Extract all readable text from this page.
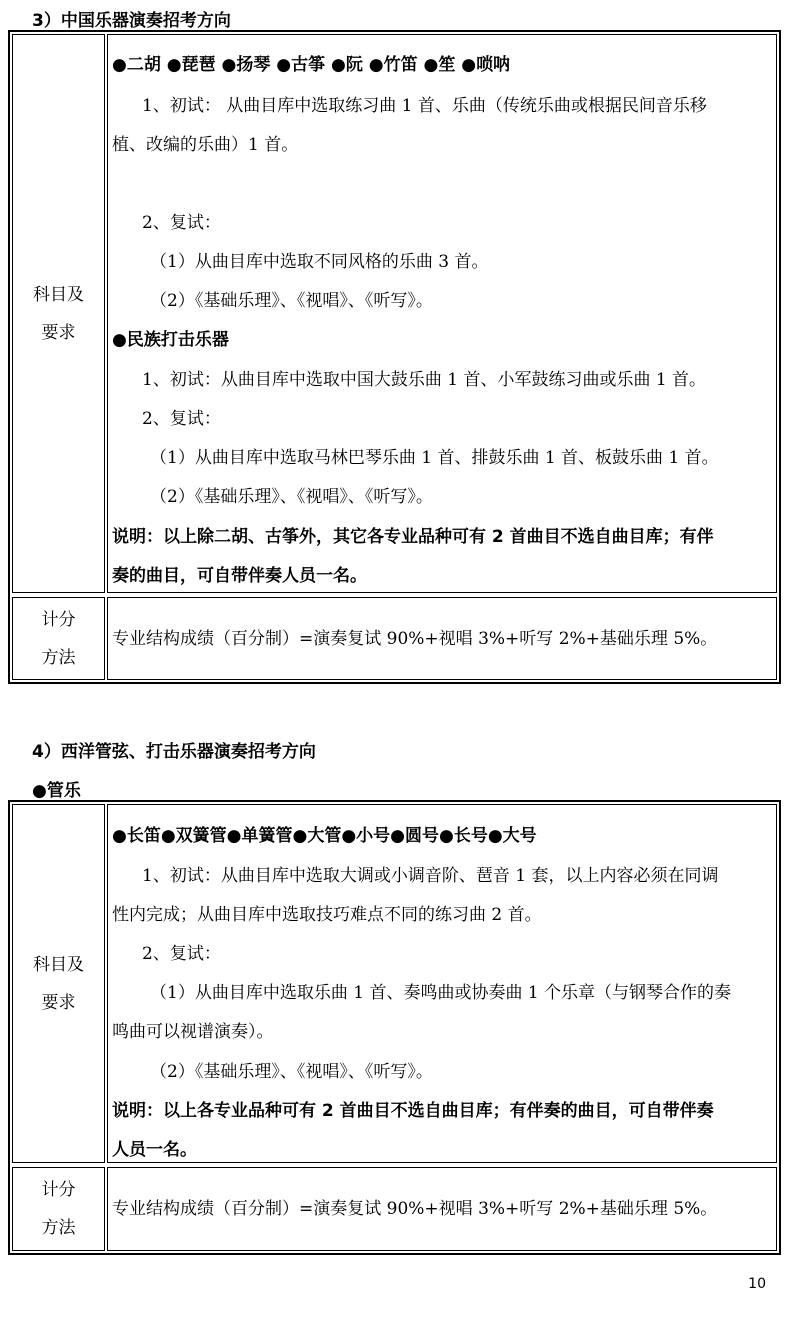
3）中国乐器演奏招考方向
科目及
要求
●二胡 ●琵琶 ●扬琴 ●古筝 ●阮 ●竹笛 ●笙 ●唢呐
1、初试： 从曲目库中选取练习曲 1 首、乐曲（传统乐曲或根据民间音乐移
植、改编的乐曲）1 首。
2、复试：
（1）从曲目库中选取不同风格的乐曲 3 首。
（2）《基础乐理》、《视唱》、《听写》。
●民族打击乐器
1、初试：从曲目库中选取中国大鼓乐曲 1 首、小军鼓练习曲或乐曲 1 首。
2、复试：
（1）从曲目库中选取马林巴琴乐曲 1 首、排鼓乐曲 1 首、板鼓乐曲 1 首。
（2）《基础乐理》、《视唱》、《听写》。
说明：以上除二胡、古筝外，其它各专业品种可有 2 首曲目不选自曲目库；有伴
奏的曲目，可自带伴奏人员一名。
计分
方法
专业结构成绩（百分制）=演奏复试 90%+视唱 3%+听写 2%+基础乐理 5%。
4）西洋管弦、打击乐器演奏招考方向
●管乐
科目及
要求
●长笛●双簧管●单簧管●大管●小号●圆号●长号●大号
1、初试：从曲目库中选取大调或小调音阶、琶音 1 套，以上内容必须在同调
性内完成；从曲目库中选取技巧难点不同的练习曲 2 首。
2、复试：
（1）从曲目库中选取乐曲 1 首、奏鸣曲或协奏曲 1 个乐章（与钢琴合作的奏
鸣曲可以视谱演奏）。
（2）《基础乐理》、《视唱》、《听写》。
说明：以上各专业品种可有 2 首曲目不选自曲目库；有伴奏的曲目，可自带伴奏
人员一名。
计分
方法
专业结构成绩（百分制）=演奏复试 90%+视唱 3%+听写 2%+基础乐理 5%。
10
